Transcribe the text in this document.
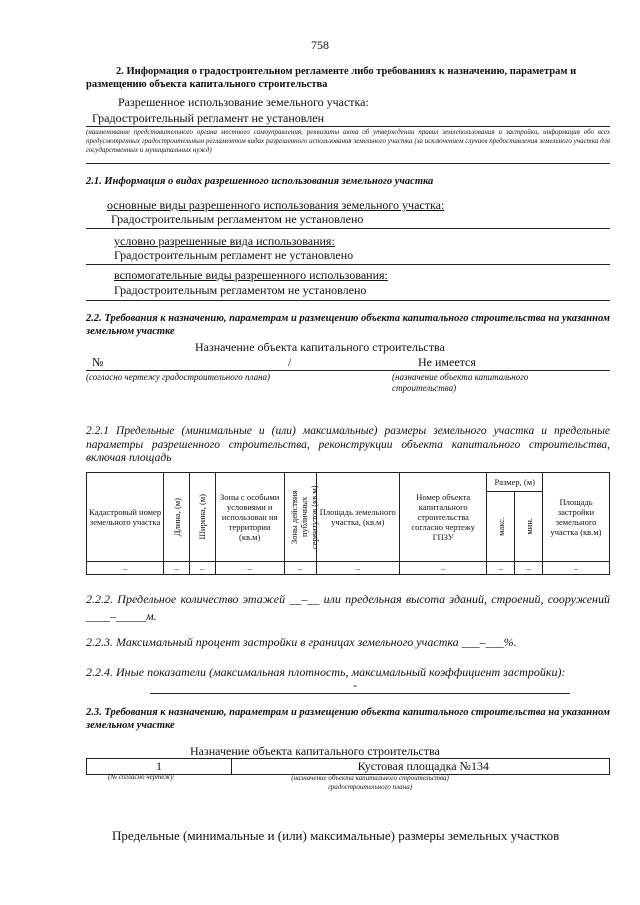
758
2. Информация о градостроительном регламенте либо требованиях к назначению, параметрам и размещению объекта капитального строительства
Разрешенное использование земельного участка:
Градостроительный регламент не установлен
(наименование представительного органа местного самоуправления, реквизиты акта об утверждении правил землепользования и застройки, информация обо всех предусмотренных градостроительным регламентом видах разрешенного использования земельного участка (за исключением случаев предоставления земельного участка для государственных и муниципальных нужд)
2.1. Информация о видах разрешенного использования земельного участка
основные виды разрешенного использования земельного участка:
Градостроительным регламентом не установлено
условно разрешенные вида использования:
Градостроительным регламент не установлено
вспомогательные виды разрешенного использования:
Градостроительным регламентом не установлено
2.2. Требования к назначению, параметрам и размещению объекта капитального строительства на указанном земельном участке
Назначение объекта капитального строительства
№	/	Не имеется
(согласно чертежу градостроительного плана)	(назначение объекта капитального строительства)
2.2.1 Предельные (минимальные и (или) максимальные) размеры земельного участка и предельные параметры разрешенного строительства, реконструкции объекта капитального строительства, включая площадь
Кадастровый номер земельного участка	Длина, (м)	Ширина, (м)	Зоны с особыми условиями и использован ия территории (кв.м)	Зоны действия публичных сервитутов (кв.м)	Площадь земельного участка, (кв.м)	Номер объекта капитального строительства согласно чертежу ГПЗУ	Размер, (м)		Площадь застройки земельного участка (кв.м)

							макс.	мин.	

–	–	–	–	–	–	–	–	–	–
2.2.2. Предельное количество этажей __–__ или предельная высота зданий, строений, сооружений ____–_____м.
2.2.3. Максимальный процент застройки в границах земельного участка ___–___%.
2.2.4. Иные показатели (максимальная плотность, максимальный коэффициент застройки):
-
2.3. Требования к назначению, параметрам и размещению объекта капитального строительства на указанном земельном участке
Назначение объекта капитального строительства
1	Кустовая площадка №134
(№ согласно чертежу	(назначение объекта капитального строительства)
градостроительного плана)
Предельные (минимальные и (или) максимальные) размеры земельных участков
